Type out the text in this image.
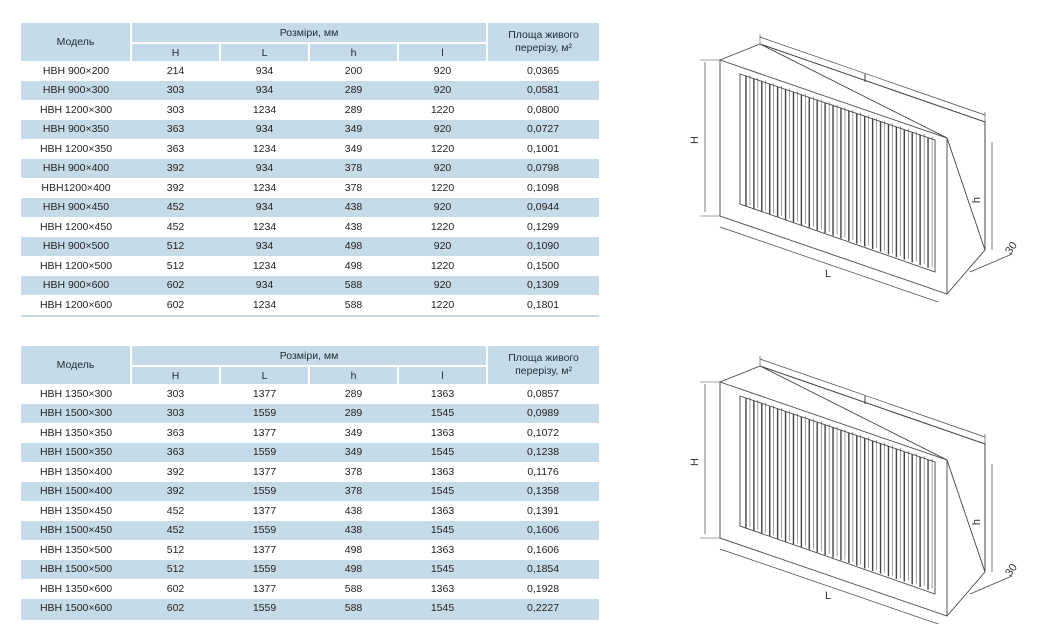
Модель	Розміри, мм				Площа живого перерізу, м²
	H	L	h	l	
НВН 900×200	214	934	200	920	0,0365
НВН 900×300	303	934	289	920	0,0581
НВН 1200×300	303	1234	289	1220	0,0800
НВН 900×350	363	934	349	920	0,0727
НВН 1200×350	363	1234	349	1220	0,1001
НВН 900×400	392	934	378	920	0,0798
НВН1200×400	392	1234	378	1220	0,1098
НВН 900×450	452	934	438	920	0,0944
НВН 1200×450	452	1234	438	1220	0,1299
НВН 900×500	512	934	498	920	0,1090
НВН 1200×500	512	1234	498	1220	0,1500
НВН 900×600	602	934	588	920	0,1309
НВН 1200×600	602	1234	588	1220	0,1801
Модель	Розміри, мм				Площа живого перерізу, м²
	H	L	h	l	
НВН 1350×300	303	1377	289	1363	0,0857
НВН 1500×300	303	1559	289	1545	0,0989
НВН 1350×350	363	1377	349	1363	0,1072
НВН 1500×350	363	1559	349	1545	0,1238
НВН 1350×400	392	1377	378	1363	0,1176
НВН 1500×400	392	1559	378	1545	0,1358
НВН 1350×450	452	1377	438	1363	0,1391
НВН 1500×450	452	1559	438	1545	0,1606
НВН 1350×500	512	1377	498	1363	0,1606
НВН 1500×500	512	1559	498	1545	0,1854
НВН 1350×600	602	1377	588	1363	0,1928
НВН 1500×600	602	1559	588	1545	0,2227
H
l
L
h
30
H
l
L
h
30
